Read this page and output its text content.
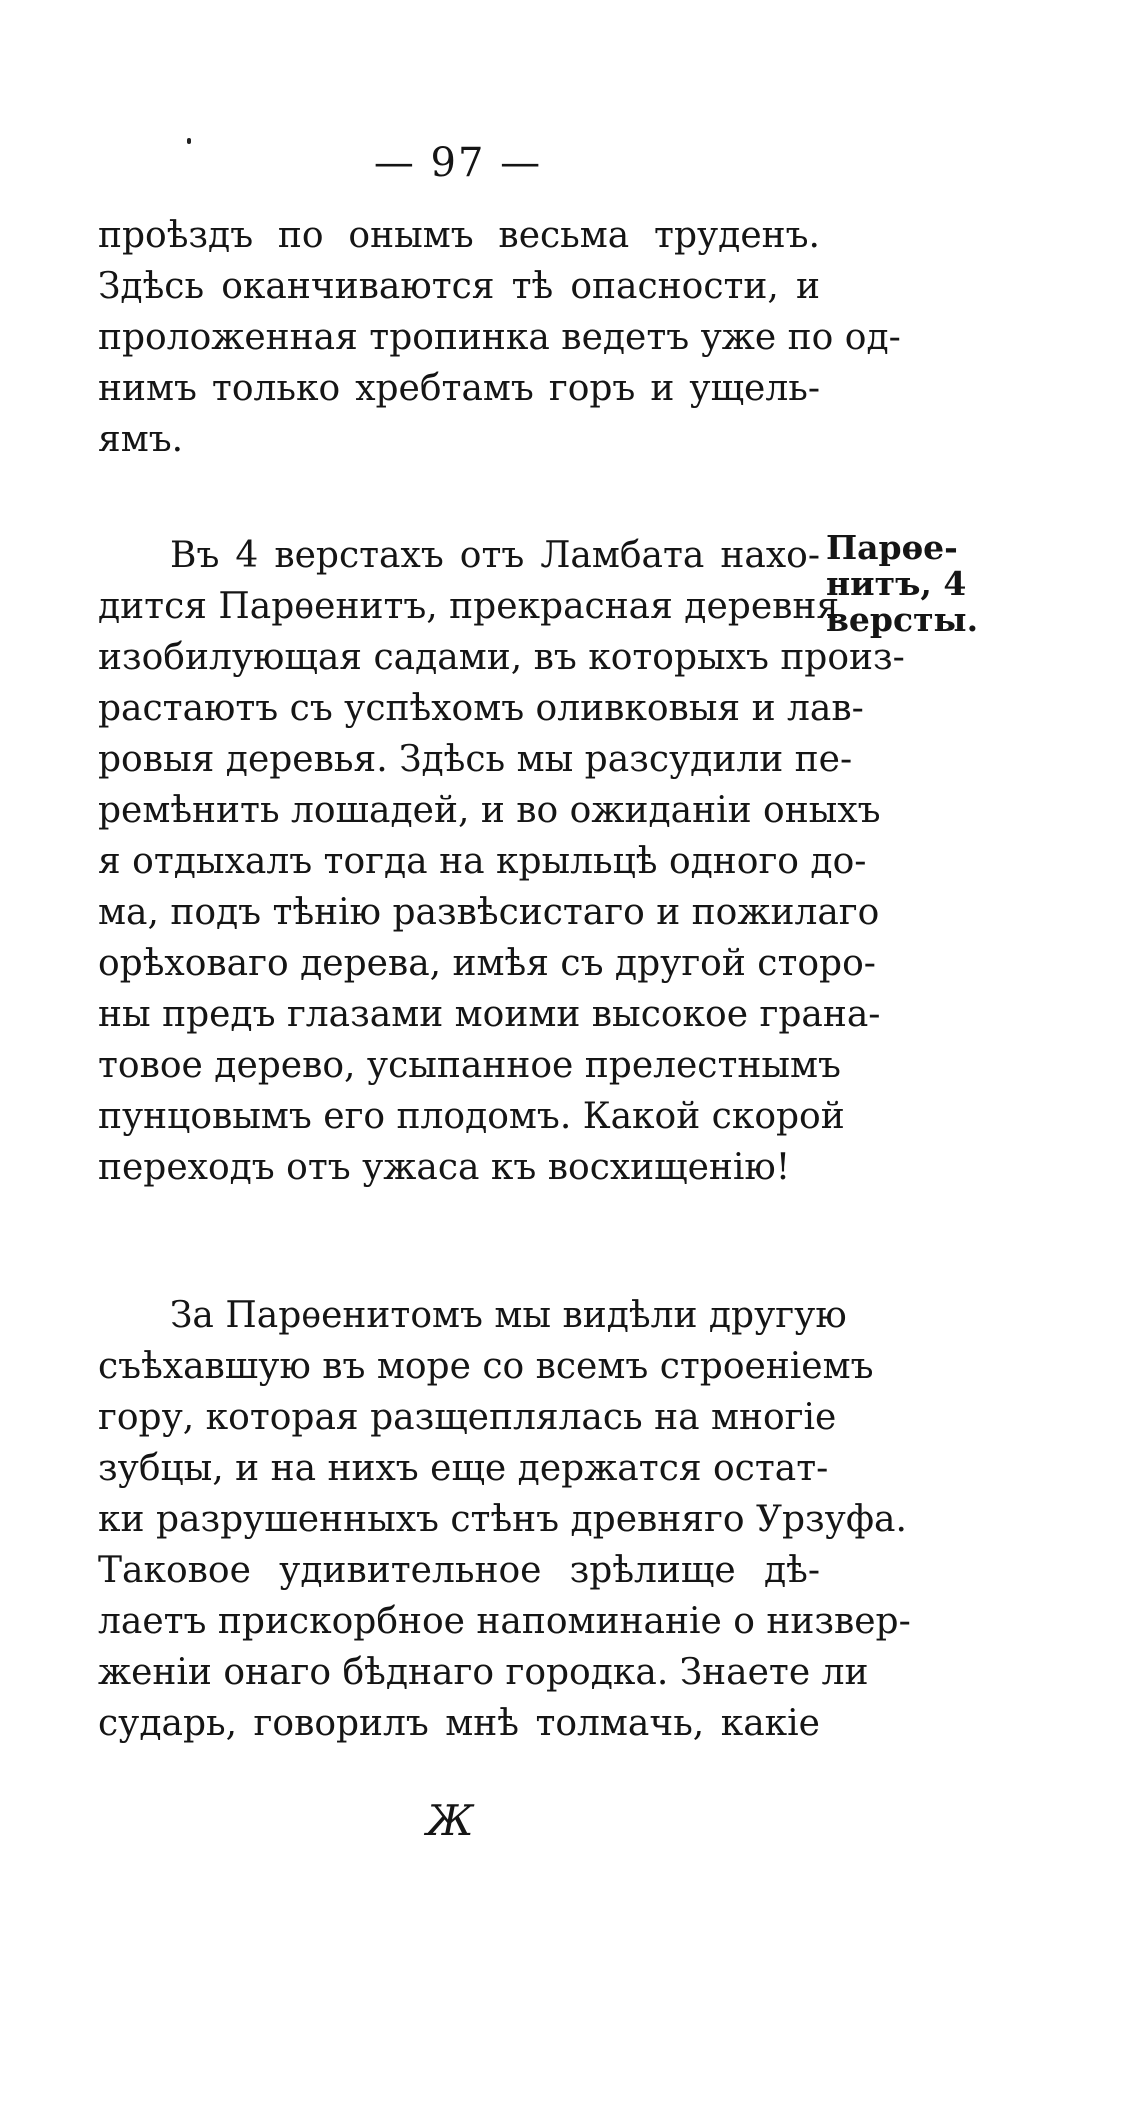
— 97 —
проѣздъ по онымъ весьма труденъ.
Здѣсь оканчиваются тѣ опасности, и
проложенная тропинка ведетъ уже по од-
нимъ только хребтамъ горъ и ущель-
ямъ.
Въ 4 верстахъ отъ Ламбата нахо-
дится Парѳенитъ, прекрасная деревня
изобилующая садами, въ которыхъ произ-
растаютъ съ успѣхомъ оливковыя и лав-
ровыя деревья. Здѣсь мы разсудили пе-
ремѣнить лошадей, и во ожиданіи оныхъ
я отдыхалъ тогда на крыльцѣ одного до-
ма, подъ тѣнію развѣсистаго и пожилаго
орѣховаго дерева, имѣя съ другой сторо-
ны предъ глазами моими высокое гранa-
товое дерево, усыпанное прелестнымъ
пунцовымъ его плодомъ. Какой скорой
переходъ отъ ужаса къ восхищенію!
Парѳе-
нитъ, 4
версты.
За Парѳенитомъ мы видѣли другую
съѣхавшую въ море со всемъ строеніемъ
гору, которая разщеплялась на многіе
зубцы, и на нихъ еще держатся остат-
ки разрушенныхъ стѣнъ древняго Урзуфа.
Таковое удивительное зрѣлище дѣ-
лаетъ прискорбное напоминаніе о низвер-
женіи онаго бѣднаго городка. Знаете ли
сударь, говорилъ мнѣ толмачь, какіе
Ж
